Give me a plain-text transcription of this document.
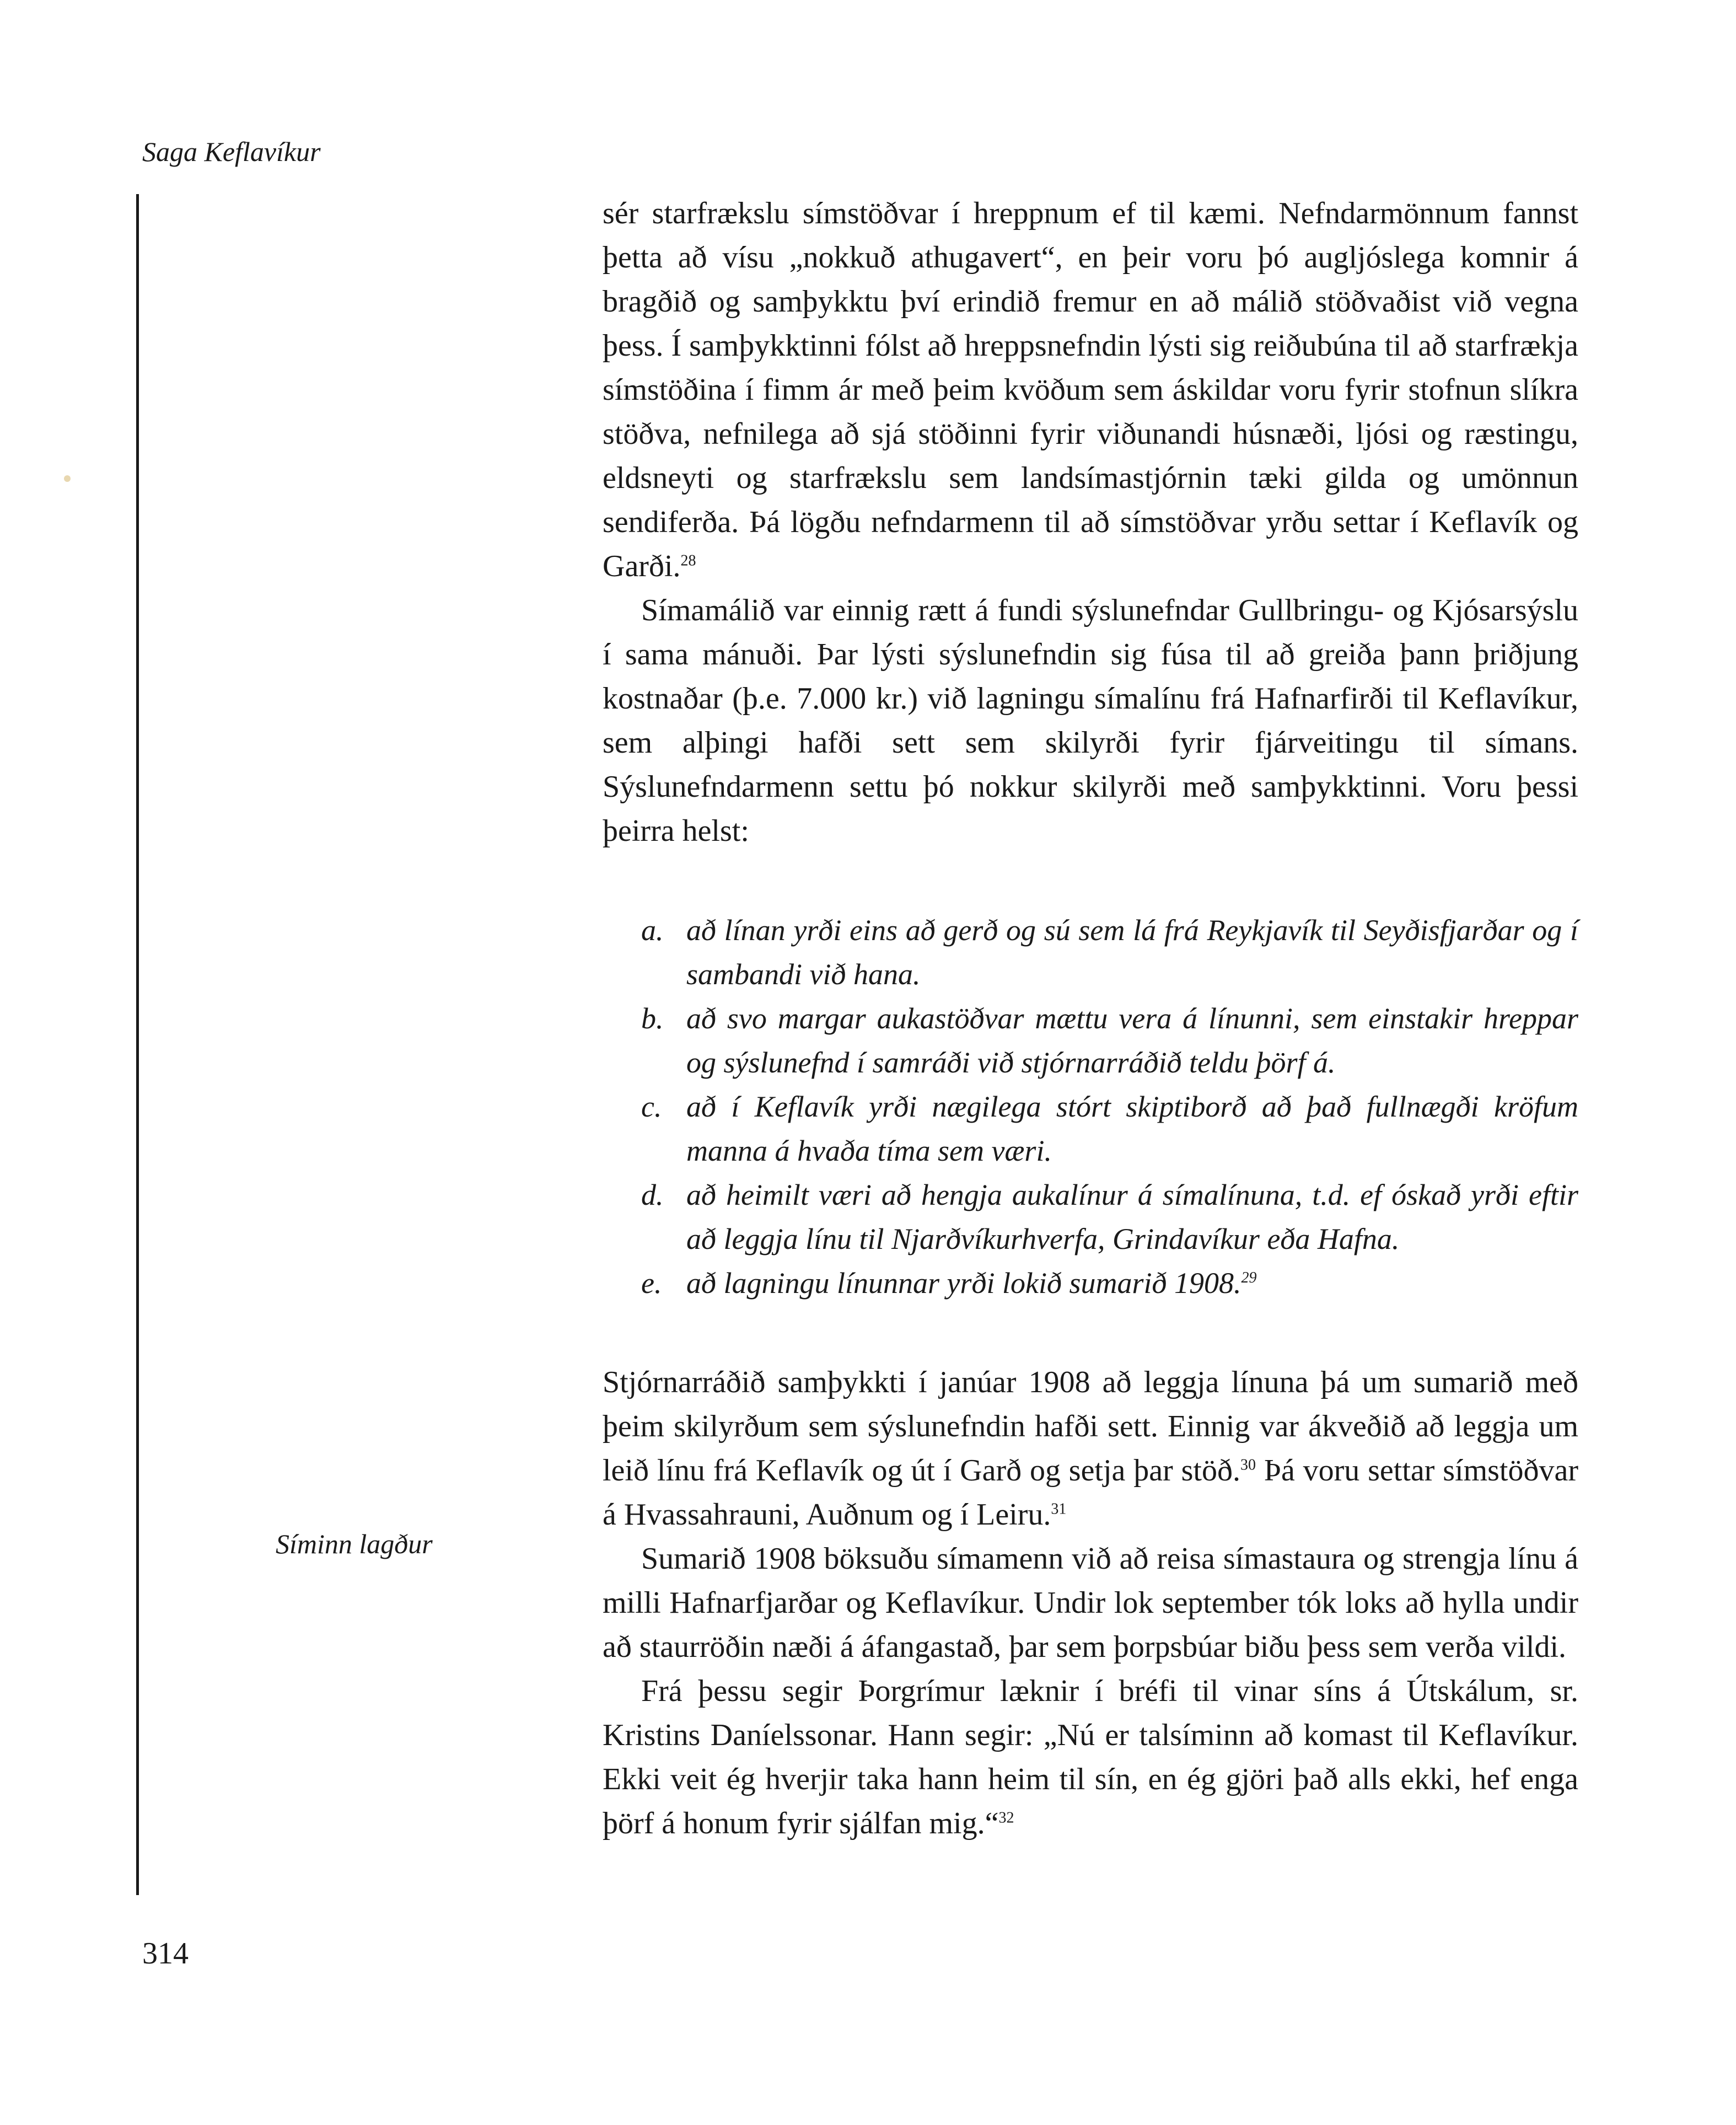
Saga Keflavíkur
Síminn lagður

sér starfrækslu símstöðvar í hreppnum ef til kæmi. Nefndarmönnum fannst þetta að vísu „nokkuð athugavert“, en þeir voru þó augljóslega komnir á bragðið og samþykktu því erindið fremur en að málið stöðvaðist við vegna þess. Í samþykktinni fólst að hreppsnefndin lýsti sig reiðubúna til að starfrækja símstöðina í fimm ár með þeim kvöðum sem áskildar voru fyrir stofnun slíkra stöðva, nefnilega að sjá stöðinni fyrir viðunandi húsnæði, ljósi og ræstingu, eldsneyti og starfrækslu sem landsímastjórnin tæki gilda og umönnun sendiferða. Þá lögðu nefndarmenn til að símstöðvar yrðu settar í Keflavík og Garði.$^{28}$

Símamálið var einnig rætt á fundi sýslunefndar Gullbringu- og Kjósarsýslu í sama mánuði. Þar lýsti sýslunefndin sig fúsa til að greiða þann þriðjung kostnaðar (þ.e. 7.000 kr.) við lagningu símalínu frá Hafnarfirði til Keflavíkur, sem alþingi hafði sett sem skilyrði fyrir fjárveitingu til símans. Sýslunefndarmenn settu þó nokkur skilyrði með samþykktinni. Voru þessi þeirra helst:

a. að línan yrði eins að gerð og sú sem lá frá Reykjavík til Seyðisfjarðar og í sambandi við hana.
b. að svo margar aukastöðvar mættu vera á línunni, sem einstakir hreppar og sýslunefnd í samráði við stjórnarráðið teldu þörf á.
c. að í Keflavík yrði nægilega stórt skiptiborð að það fullnægði kröfum manna á hvaða tíma sem væri.
d. að heimilt væri að hengja aukalínur á símalínuna, t.d. ef óskað yrði eftir að leggja línu til Njarðvíkurhverfa, Grindavíkur eða Hafna.
e. að lagningu línunnar yrði lokið sumarið 1908.29

Stjórnarráðið samþykkti í janúar 1908 að leggja línuna þá um sumarið með þeim skilyrðum sem sýslunefndin hafði sett. Einnig var ákveðið að leggja um leið línu frá Keflavík og út í Garð og setja þar stöð.$^{30}$ Þá voru settar símstöðvar á Hvassahrauni, Auðnum og í Leiru.$^{31}$

Sumarið 1908 böksuðu símamenn við að reisa símastaura og strengja línu á milli Hafnarfjarðar og Keflavíkur. Undir lok september tók loks að hylla undir að staurröðin næði á áfangastað, þar sem þorpsbúar biðu þess sem verða vildi.

Frá þessu segir Þorgrímur læknir í bréfi til vinar síns á Útskálum, sr. Kristins Daníelssonar. Hann segir: „Nú er talsíminn að komast til Keflavíkur. Ekki veit ég hverjir taka hann heim til sín, en ég gjöri það alls ekki, hef enga þörf á honum fyrir sjálfan mig.“$^{32}$

314
